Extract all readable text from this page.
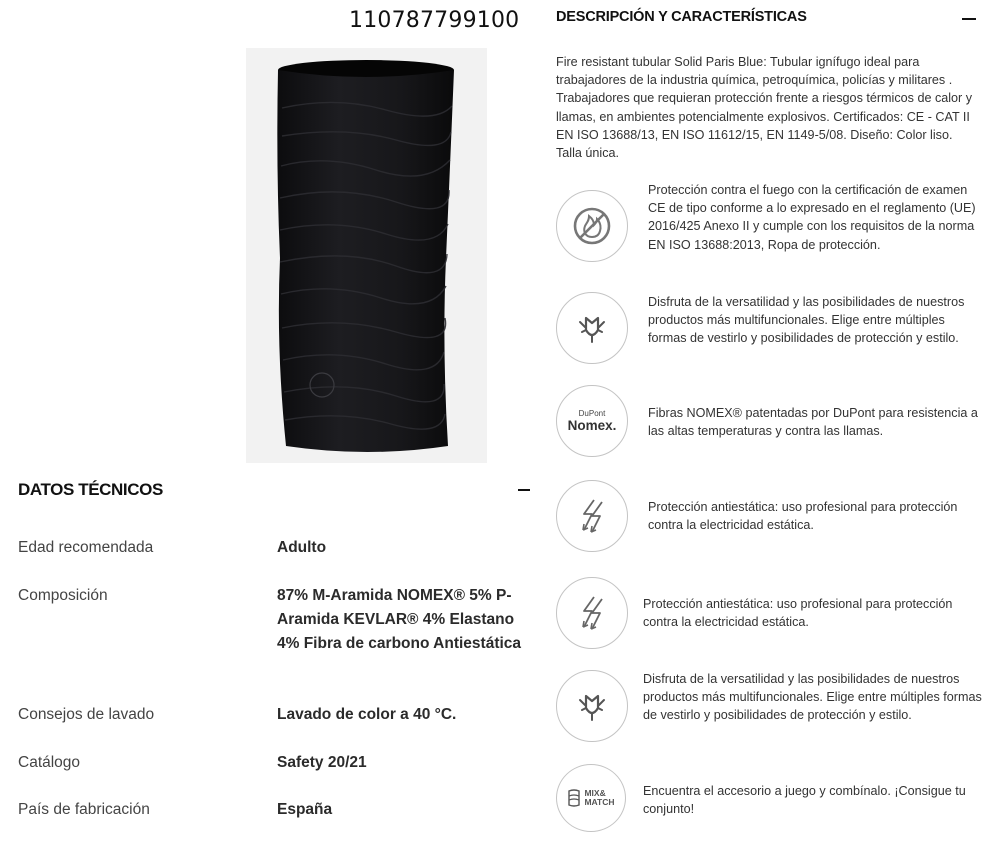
110787799100	DESCRIPCIÓN Y CARACTERÍSTICAS
Fire resistant tubular Solid Paris Blue: Tubular ignífugo ideal para trabajadores de la industria química, petroquímica, policías y militares . Trabajadores que requieran protección frente a riesgos térmicos de calor y llamas, en ambientes potencialmente explosivos. Certificados: CE - CAT II EN ISO 13688/13, EN ISO 11612/15, EN 1149-5/08. Diseño: Color liso. Talla única.
Protección contra el fuego con la certificación de examen CE de tipo conforme a lo expresado en el reglamento (UE) 2016/425 Anexo II y cumple con los requisitos de la norma EN ISO 13688:2013, Ropa de protección.
Disfruta de la versatilidad y las posibilidades de nuestros productos más multifuncionales. Elige entre múltiples formas de vestirlo y posibilidades de protección y estilo.
DuPont
Nomex.
Fibras NOMEX® patentadas por DuPont para resistencia a las altas temperaturas y contra las llamas.
Protección antiestática: uso profesional para protección contra la electricidad estática.
Protección antiestática: uso profesional para protección contra la electricidad estática.
Disfruta de la versatilidad y las posibilidades de nuestros productos más multifuncionales. Elige entre múltiples formas de vestirlo y posibilidades de protección y estilo.
MIX&
MATCH
Encuentra el accesorio a juego y combínalo. ¡Consigue tu conjunto!
DATOS TÉCNICOS
Edad recomendada	Adulto
Composición	87% M-Aramida NOMEX® 5% P-Aramida KEVLAR® 4% Elastano 4% Fibra de carbono Antiestática
Consejos de lavado	Lavado de color a 40 °C.
Catálogo	Safety 20/21
País de fabricación	España
